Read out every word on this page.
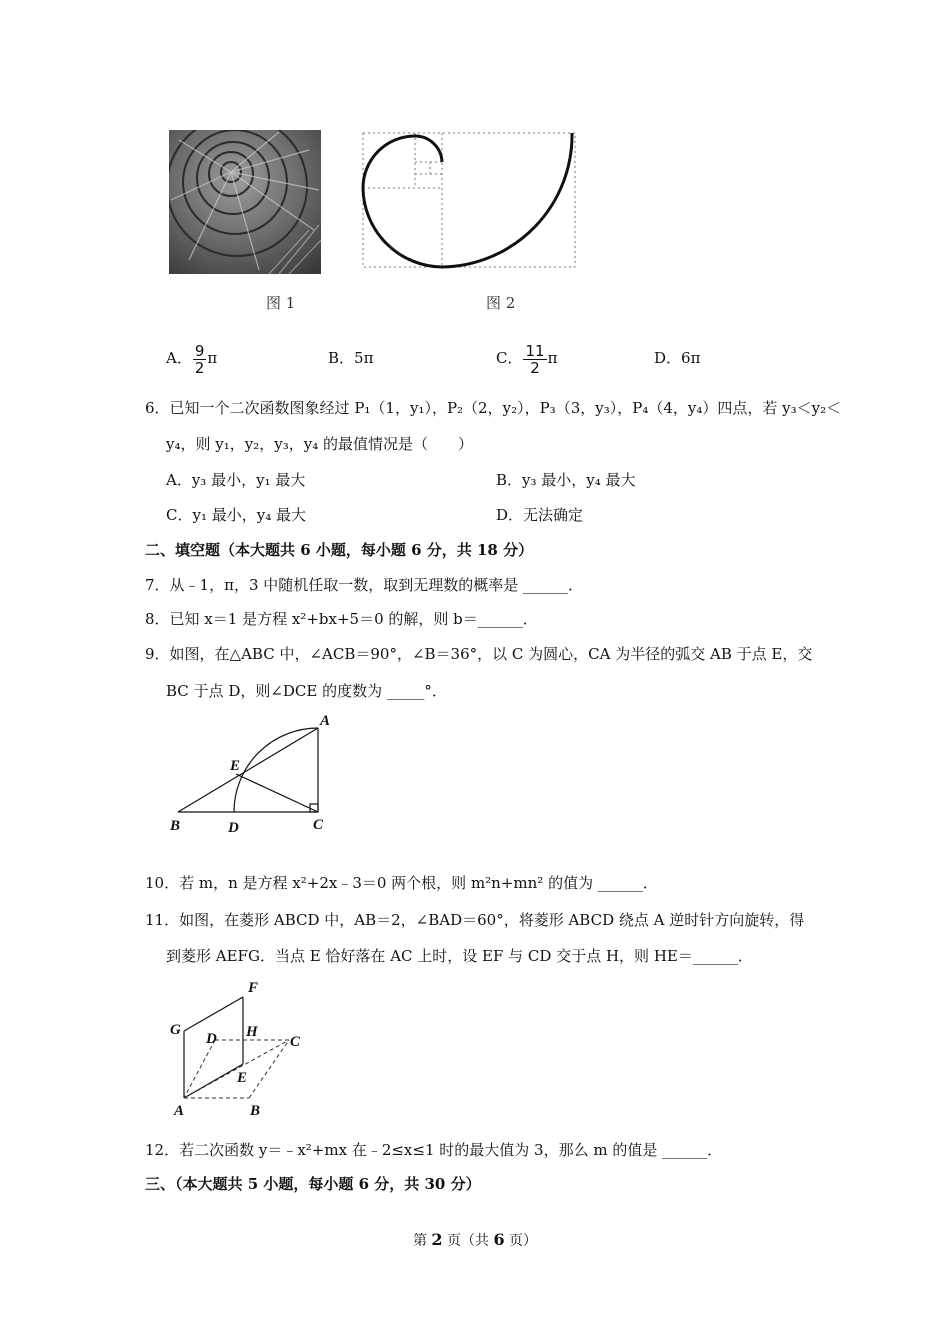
图 1	图 2
A． $\frac{9}{2}$ π	B．5π	C． $\frac{11}{2}$ π	D．6π
6．已知一个二次函数图象经过 P₁（1，y₁），P₂（2，y₂），P₃（3，y₃），P₄（4，y₄）四点，若 y₃＜y₂＜
y₄，则 y₁，y₂，y₃，y₄ 的最值情况是（　　）
A．y₃ 最小，y₁ 最大	B．y₃ 最小，y₄ 最大
C．y₁ 最小，y₄ 最大	D．无法确定
二、填空题（本大题共 6 小题，每小题 6 分，共 18 分）
7．从﹣1，π，3 中随机任取一数，取到无理数的概率是 ______．
8．已知 x＝1 是方程 x²+bx+5＝0 的解，则 b＝______．
9．如图，在△ABC 中，∠ACB＝90°，∠B＝36°，以 C 为圆心，CA 为半径的弧交 AB 于点 E，交
BC 于点 D，则∠DCE 的度数为 _____°．
A
E
B	D	C
10．若 m，n 是方程 x²+2x﹣3＝0 两个根，则 m²n+mn² 的值为 ______．
11．如图，在菱形 ABCD 中，AB＝2，∠BAD＝60°，将菱形 ABCD 绕点 A 逆时针方向旋转，得
到菱形 AEFG．当点 E 恰好落在 AC 上时，设 EF 与 CD 交于点 H，则 HE＝______．
F
G
D H
C
E
A	B
12．若二次函数 y＝﹣x²+mx 在﹣2≤x≤1 时的最大值为 3，那么 m 的值是 ______．
三、（本大题共 5 小题，每小题 6 分，共 30 分）
第 2 页（共 6 页）
